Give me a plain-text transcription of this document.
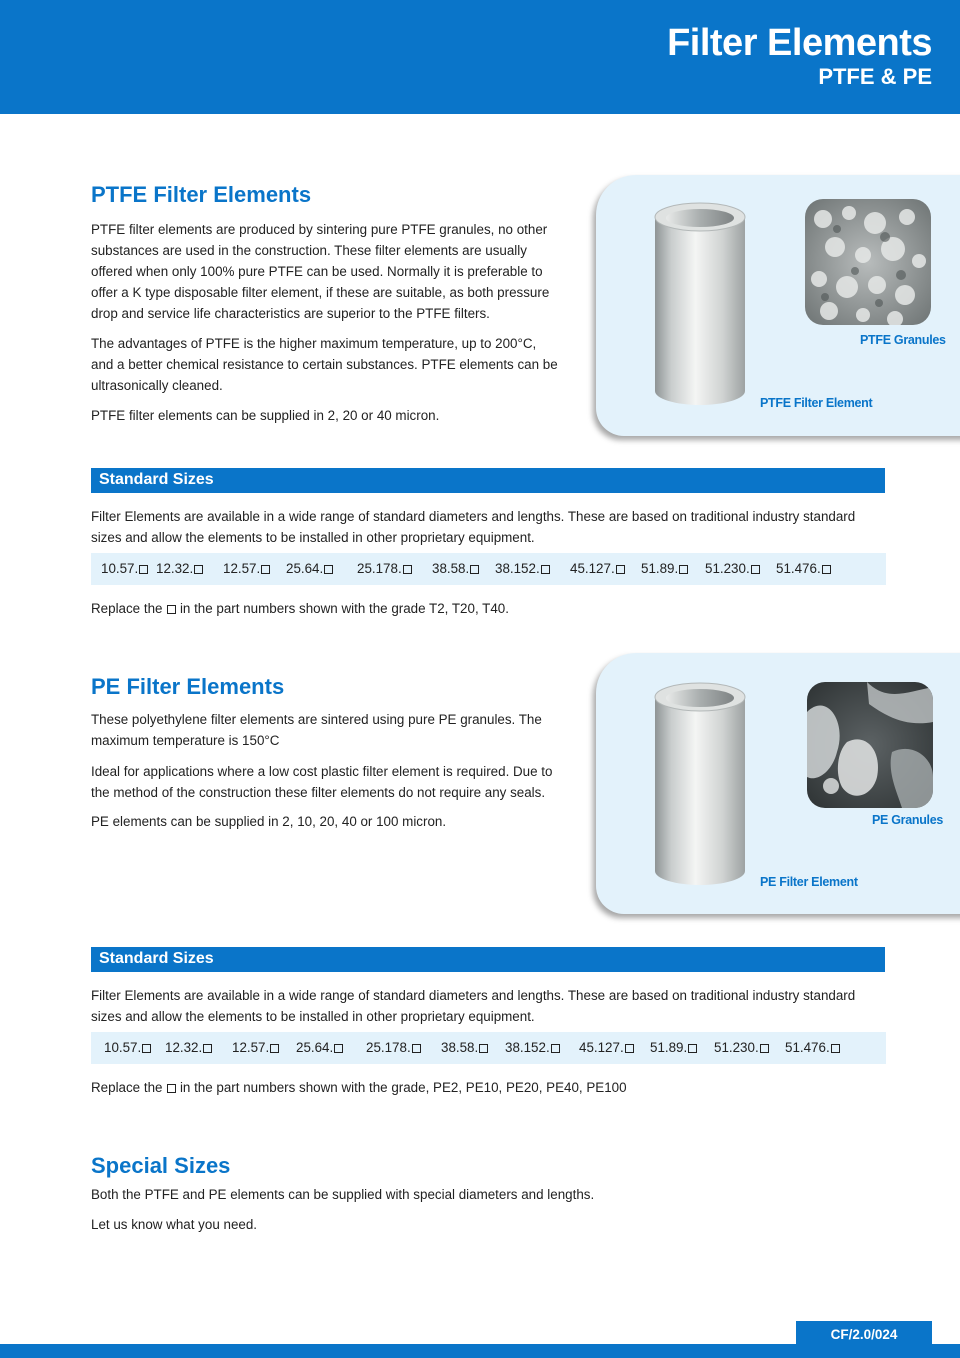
Filter Elements
PTFE & PE
PTFE Filter Elements
PTFE filter elements are produced by sintering pure PTFE granules, no other
substances are used in the construction. These filter elements are usually
offered when only 100% pure PTFE can be used. Normally it is preferable to
offer a K type disposable filter element, if these are suitable, as both pressure
drop and service life characteristics are superior to the PTFE filters.
The advantages of PTFE is the higher maximum temperature, up to 200°C,
and a better chemical resistance to certain substances. PTFE elements can be
ultrasonically cleaned.
PTFE filter elements can be supplied in 2, 20 or 40 micron.
PTFE Granules
PTFE Filter Element
Standard Sizes
Filter Elements are available in a wide range of standard diameters and lengths. These are based on traditional industry standard
sizes and allow the elements to be installed in other proprietary equipment.
10.57.	12.32.	12.57.	25.64.	25.178.	38.58.	38.152.	45.127.	51.89.	51.230.	51.476.
Replace the in the part numbers shown with the grade T2, T20, T40.
PE Filter Elements
These polyethylene filter elements are sintered using pure PE granules. The
maximum temperature is 150°C
Ideal for applications where a low cost plastic filter element is required. Due to
the method of the construction these filter elements do not require any seals.
PE elements can be supplied in 2, 10, 20, 40 or 100 micron.	PE Granules
PE Filter Element
Standard Sizes
Filter Elements are available in a wide range of standard diameters and lengths. These are based on traditional industry standard
sizes and allow the elements to be installed in other proprietary equipment.
10.57.	12.32.	12.57.	25.64.	25.178.	38.58.	38.152.	45.127.	51.89.	51.230.	51.476.
Replace the in the part numbers shown with the grade, PE2, PE10, PE20, PE40, PE100
Special Sizes
Both the PTFE and PE elements can be supplied with special diameters and lengths.
Let us know what you need.
CF/2.0/024
